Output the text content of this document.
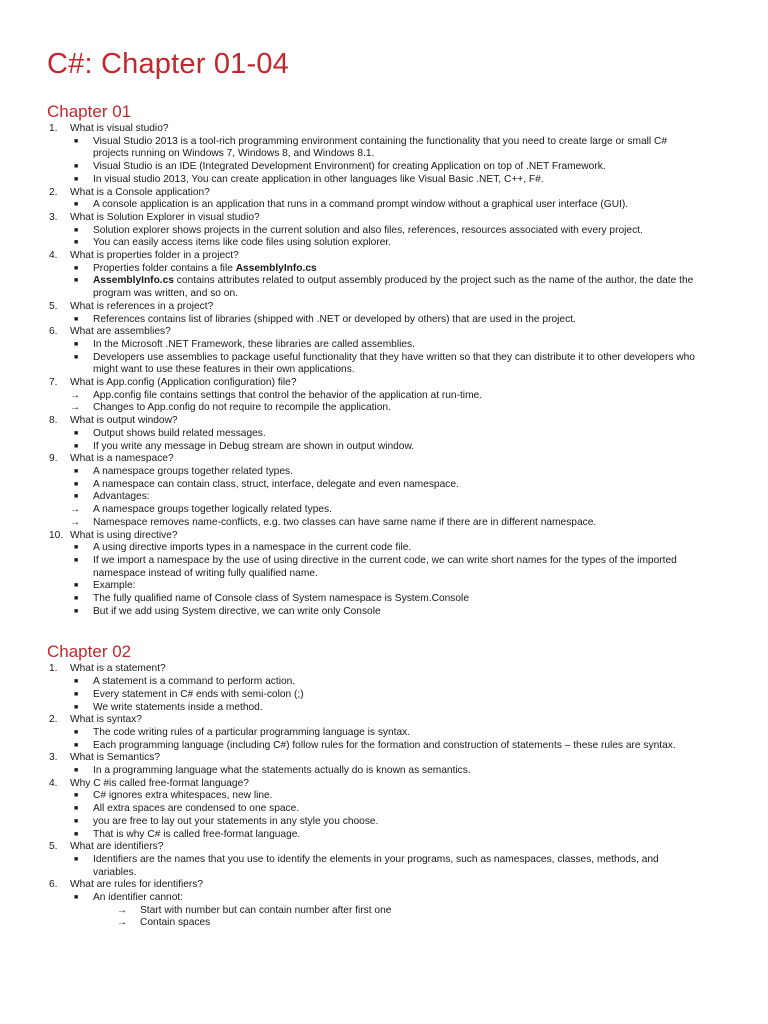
C#: Chapter 01-04
Chapter 01
1. What is visual studio?
■	Visual Studio 2013 is a tool-rich programming environment containing the functionality that you need to create large or small C# projects running on Windows 7, Windows 8, and Windows 8.1.
■	Visual Studio is an IDE (Integrated Development Environment) for creating Application on top of .NET Framework.
■	In visual studio 2013, You can create application in other languages like Visual Basic .NET, C++, F#.
2. What is a Console application?
■	A console application is an application that runs in a command prompt window without a graphical user interface (GUI).
3. What is Solution Explorer in visual studio?
■	Solution explorer shows projects in the current solution and also files, references, resources associated with every project.
■	You can easily access items like code files using solution explorer.
4. What is properties folder in a project?
■	Properties folder contains a file AssemblyInfo.cs
■	AssemblyInfo.cs contains attributes related to output assembly produced by the project such as the name of the author, the date the program was written, and so on.
5. What is references in a project?
■	References contains list of libraries (shipped with .NET or developed by others) that are used in the project.
6. What are assemblies?
■	In the Microsoft .NET Framework, these libraries are called assemblies.
■	Developers use assemblies to package useful functionality that they have written so that they can distribute it to other developers who might want to use these features in their own applications.
7. What is App.config (Application configuration) file?
→	App.config file contains settings that control the behavior of the application at run-time.
→	Changes to App.config do not require to recompile the application.
8. What is output window?
■	Output shows build related messages.
■	If you write any message in Debug stream are shown in output window.
9. What is a namespace?
■	A namespace groups together related types.
■	A namespace can contain class, struct, interface, delegate and even namespace.
■	Advantages:
→	A namespace groups together logically related types.
→	Namespace removes name-conflicts, e.g. two classes can have same name if there are in different namespace.
10. What is using directive?
■	A using directive imports types in a namespace in the current code file.
■	If we import a namespace by the use of using directive in the current code, we can write short names for the types of the imported namespace instead of writing fully qualified name.
■	Example:
■	The fully qualified name of Console class of System namespace is System.Console
■	But if we add using System directive, we can write only Console
Chapter 02
1. What is a statement?
■	A statement is a command to perform action.
■	Every statement in C# ends with semi-colon (;)
■	We write statements inside a method.
2. What is syntax?
■	The code writing rules of a particular programming language is syntax.
■	Each programming language (including C#) follow rules for the formation and construction of statements – these rules are syntax.
3. What is Semantics?
■	In a programming language what the statements actually do is known as semantics.
4. Why C #is called free-format language?
■	C# ignores extra whitespaces, new line.
■	All extra spaces are condensed to one space.
■	you are free to lay out your statements in any style you choose.
■	That is why C# is called free-format language.
5. What are identifiers?
■	Identifiers are the names that you use to identify the elements in your programs, such as namespaces, classes, methods, and variables.
6. What are rules for identifiers?
■	An identifier cannot:
→	Start with number but can contain number after first one
→	Contain spaces
